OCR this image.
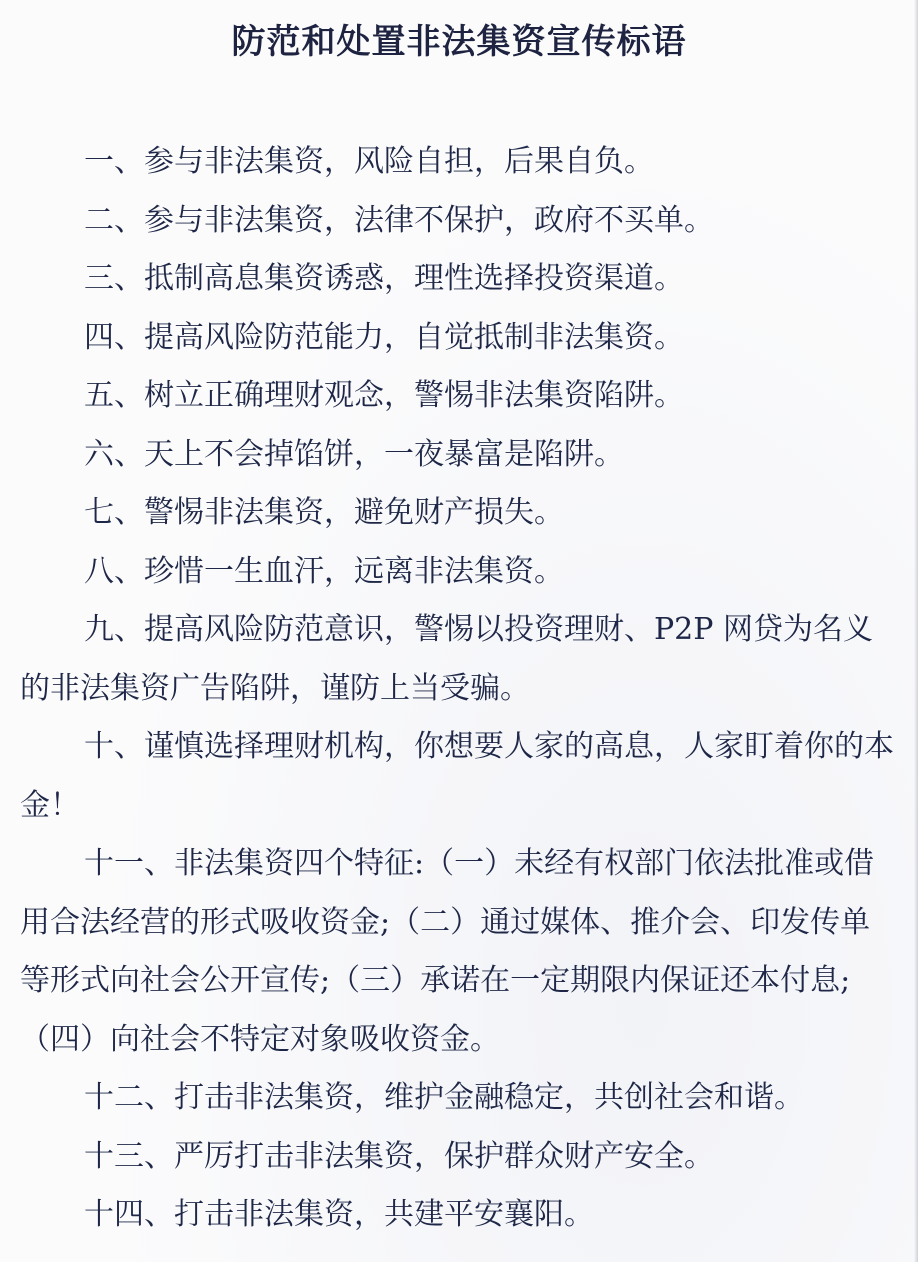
防范和处置非法集资宣传标语

一、参与非法集资，风险自担，后果自负。

二、参与非法集资，法律不保护，政府不买单。

三、抵制高息集资诱惑，理性选择投资渠道。

四、提高风险防范能力，自觉抵制非法集资。

五、树立正确理财观念，警惕非法集资陷阱。

六、天上不会掉馅饼，一夜暴富是陷阱。

七、警惕非法集资，避免财产损失。

八、珍惜一生血汗，远离非法集资。

九、提高风险防范意识，警惕以投资理财、P2P 网贷为名义的非法集资广告陷阱，谨防上当受骗。

十、谨慎选择理财机构，你想要人家的高息，人家盯着你的本金！

十一、非法集资四个特征:（一）未经有权部门依法批准或借用合法经营的形式吸收资金;（二）通过媒体、推介会、印发传单等形式向社会公开宣传;（三）承诺在一定期限内保证还本付息;（四）向社会不特定对象吸收资金。

十二、打击非法集资，维护金融稳定，共创社会和谐。

十三、严厉打击非法集资，保护群众财产安全。

十四、打击非法集资，共建平安襄阳。
